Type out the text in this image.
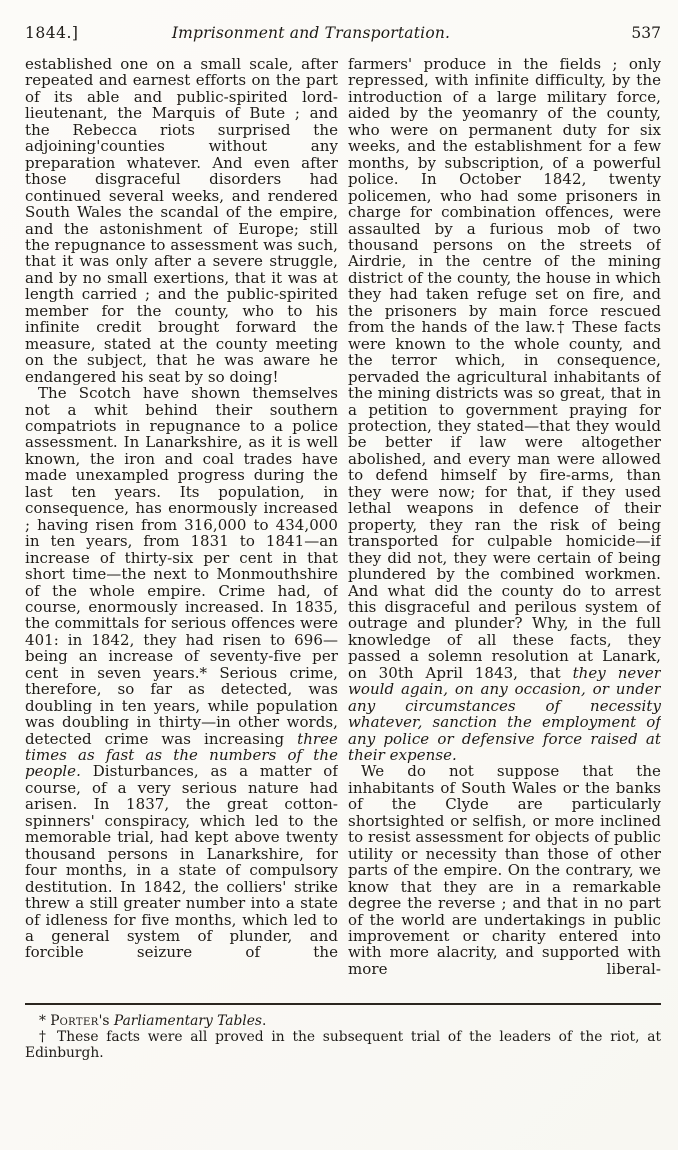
1844.]	Imprisonment and Transportation.	537

established one on a small scale, after repeated and earnest efforts on the part of its able and public-spirited lord-lieutenant, the Marquis of Bute ; and the Rebecca riots surprised the adjoining'counties without any preparation whatever. And even after those disgraceful disorders had continued several weeks, and rendered South Wales the scandal of the empire, and the astonishment of Europe; still the repugnance to assessment was such, that it was only after a severe struggle, and by no small exertions, that it was at length carried ; and the public-spirited member for the county, who to his infinite credit brought forward the measure, stated at the county meeting on the subject, that he was aware he endangered his seat by so doing!

The Scotch have shown themselves not a whit behind their southern compatriots in repugnance to a police assessment. In Lanarkshire, as it is well known, the iron and coal trades have made unexampled progress during the last ten years. Its population, in consequence, has enormously increased ; having risen from 316,000 to 434,000 in ten years, from 1831 to 1841—an increase of thirty-six per cent in that short time—the next to Monmouthshire of the whole empire. Crime had, of course, enormously increased. In 1835, the committals for serious offences were 401: in 1842, they had risen to 696—being an increase of seventy-five per cent in seven years.* Serious crime, therefore, so far as detected, was doubling in ten years, while population was doubling in thirty—in other words, detected crime was increasing three times as fast as the numbers of the people. Disturbances, as a matter of course, of a very serious nature had arisen. In 1837, the great cotton-spinners' conspiracy, which led to the memorable trial, had kept above twenty thousand persons in Lanarkshire, for four months, in a state of compulsory destitution. In 1842, the colliers' strike threw a still greater number into a state of idleness for five months, which led to a general system of plunder, and forcible seizure of the

farmers' produce in the fields ; only repressed, with infinite difficulty, by the introduction of a large military force, aided by the yeomanry of the county, who were on permanent duty for six weeks, and the establishment for a few months, by subscription, of a powerful police. In October 1842, twenty policemen, who had some prisoners in charge for combination offences, were assaulted by a furious mob of two thousand persons on the streets of Airdrie, in the centre of the mining district of the county, the house in which they had taken refuge set on fire, and the prisoners by main force rescued from the hands of the law.† These facts were known to the whole county, and the terror which, in consequence, pervaded the agricultural inhabitants of the mining districts was so great, that in a petition to government praying for protection, they stated—that they would be better if law were altogether abolished, and every man were allowed to defend himself by fire-arms, than they were now; for that, if they used lethal weapons in defence of their property, they ran the risk of being transported for culpable homicide—if they did not, they were certain of being plundered by the combined workmen. And what did the county do to arrest this disgraceful and perilous system of outrage and plunder? Why, in the full knowledge of all these facts, they passed a solemn resolution at Lanark, on 30th April 1843, that they never would again, on any occasion, or under any circumstances of necessity whatever, sanction the employment of any police or defensive force raised at their expense.

We do not suppose that the inhabitants of South Wales or the banks of the Clyde are particularly shortsighted or selfish, or more inclined to resist assessment for objects of public utility or necessity than those of other parts of the empire. On the contrary, we know that they are in a remarkable degree the reverse ; and that in no part of the world are undertakings in public improvement or charity entered into with more alacrity, and supported with more liberal-

* Porter's Parliamentary Tables.

† These facts were all proved in the subsequent trial of the leaders of the riot, at Edinburgh.
